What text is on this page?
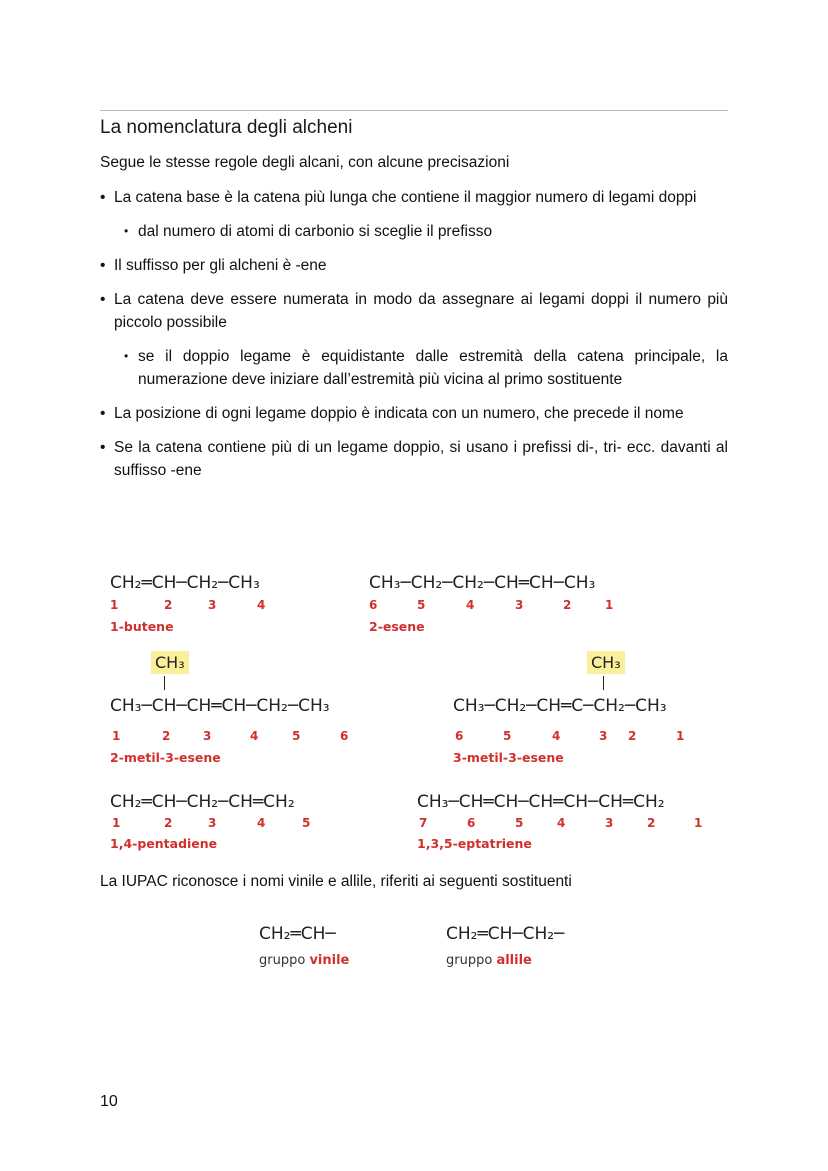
La nomenclatura degli alcheni
Segue le stesse regole degli alcani, con alcune precisazioni
• La catena base è la catena più lunga che contiene il maggior numero di legami doppi
• dal numero di atomi di carbonio si sceglie il prefisso
• Il suffisso per gli alcheni è -ene
• La catena deve essere numerata in modo da assegnare ai legami doppi il numero più piccolo possibile
• se il doppio legame è equidistante dalle estremità della catena principale, la numerazione deve iniziare dall’estremità più vicina al primo sostituente
• La posizione di ogni legame doppio è indicata con un numero, che precede il nome
• Se la catena contiene più di un legame doppio, si usano i prefissi di-, tri- ecc. davanti al suffisso -ene
CH₂═CH─CH₂─CH₃
1	2	3	4
1-butene
CH₃─CH₂─CH₂─CH═CH─CH₃
6	5	4	3	2	1
2-esene
CH₃
CH₃─CH─CH═CH─CH₂─CH₃
1	2	3	4	5	6
2-metil-3-esene
CH₃
CH₃─CH₂─CH═C─CH₂─CH₃
6	5	4	3 2	1
3-metil-3-esene
CH₂═CH─CH₂─CH═CH₂
1	2	3	4	5
1,4-pentadiene
CH₃─CH═CH─CH═CH─CH═CH₂
7	6	5	4	3	2	1
1,3,5-eptatriene
La IUPAC riconosce i nomi vinile e allile, riferiti ai seguenti sostituenti
CH₂═CH─
gruppo vinile
CH₂═CH─CH₂─
gruppo allile
10
